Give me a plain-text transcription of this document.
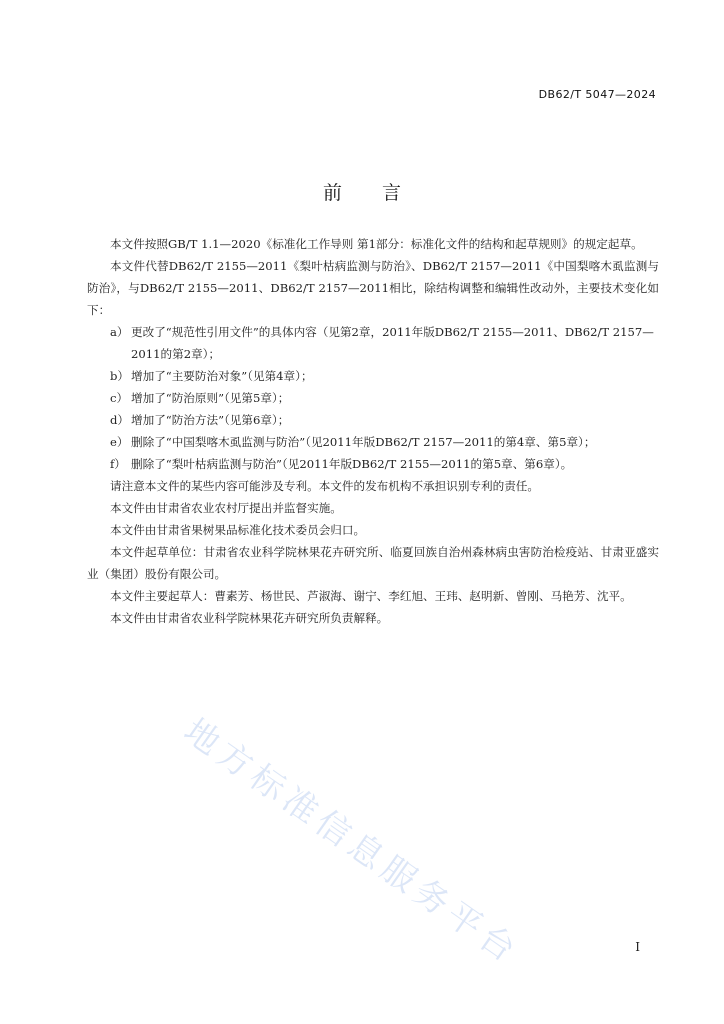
DB62/T 5047—2024
前言

本文件按照GB/T 1.1—2020《标准化工作导则 第1部分：标准化文件的结构和起草规则》的规定起草。

本文件代替DB62/T 2155—2011《梨叶枯病监测与防治》、DB62/T 2157—2011《中国梨喀木虱监测与防治》，与DB62/T 2155—2011、DB62/T 2157—2011相比，除结构调整和编辑性改动外，主要技术变化如下：

a） 更改了“规范性引用文件”的具体内容（见第2章，2011年版DB62/T 2155—2011、DB62/T 2157—2011的第2章）；

b） 增加了“主要防治对象”（见第4章）；

c） 增加了“防治原则”（见第5章）；

d） 增加了“防治方法”（见第6章）；

e） 删除了“中国梨喀木虱监测与防治”（见2011年版DB62/T 2157—2011的第4章、第5章）；

f） 删除了“梨叶枯病监测与防治”（见2011年版DB62/T 2155—2011的第5章、第6章）。

请注意本文件的某些内容可能涉及专利。本文件的发布机构不承担识别专利的责任。

本文件由甘肃省农业农村厅提出并监督实施。

本文件由甘肃省果树果品标准化技术委员会归口。

本文件起草单位：甘肃省农业科学院林果花卉研究所、临夏回族自治州森林病虫害防治检疫站、甘肃亚盛实业（集团）股份有限公司。

本文件主要起草人：曹素芳、杨世民、芦淑海、谢宁、李红旭、王玮、赵明新、曾刚、马艳芳、沈平。

本文件由甘肃省农业科学院林果花卉研究所负责解释。

地方标准信息服务平台	I
